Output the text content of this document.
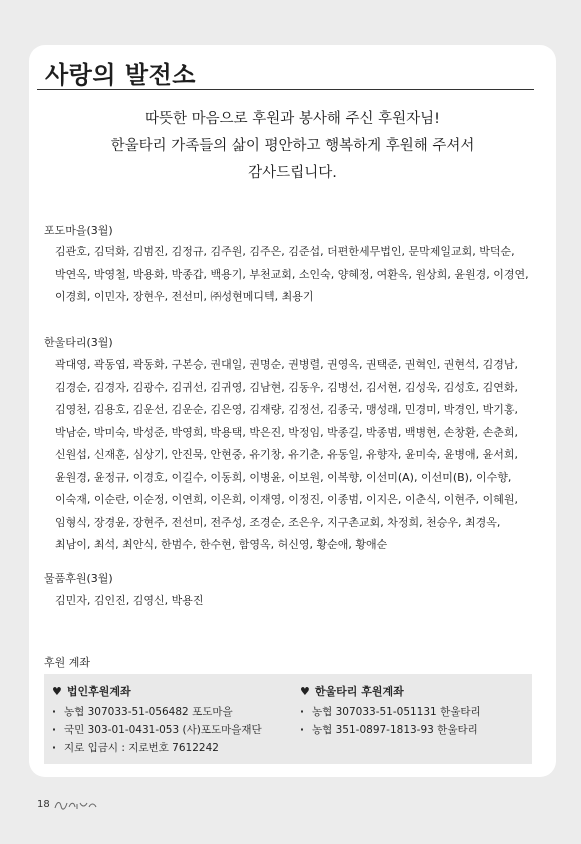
사랑의 발전소
따뜻한 마음으로 후원과 봉사해 주신 후원자님!
한울타리 가족들의 삶이 평안하고 행복하게 후원해 주셔서
감사드립니다.
포도마을(3월)
김관호, 김덕화, 김범진, 김정규, 김주원, 김주은, 김준섭, 더편한세무법인, 문막제일교회, 박덕순,
박연옥, 박영철, 박용화, 박종갑, 백용기, 부천교회, 소인숙, 양혜정, 여환옥, 원상희, 윤원경, 이경연,
이경희, 이민자, 장현우, 전선미, ㈜성현메디텍, 최용기
한울타리(3월)
곽대영, 곽동엽, 곽동화, 구본승, 권대일, 권명순, 권병렬, 권영옥, 권택준, 권혁인, 권현석, 김경남,
김경순, 김경자, 김광수, 김귀선, 김귀영, 김남현, 김동우, 김병선, 김서현, 김성욱, 김성호, 김연화,
김영천, 김용호, 김운선, 김운순, 김은영, 김재량, 김정선, 김종국, 맹성래, 민경미, 박경인, 박기홍,
박남순, 박미숙, 박성준, 박영희, 박용택, 박은진, 박정임, 박종길, 박종범, 백병현, 손창환, 손춘희,
신원섭, 신재훈, 심상기, 안진묵, 안현중, 유기창, 유기춘, 유동일, 유향자, 윤미숙, 윤병애, 윤서희,
윤원경, 윤정규, 이경호, 이길수, 이동희, 이병윤, 이보원, 이복향, 이선미(A), 이선미(B), 이수향,
이숙재, 이순란, 이순정, 이연희, 이은희, 이재영, 이정진, 이종범, 이지은, 이춘식, 이현주, 이혜원,
임형식, 장경윤, 장현주, 전선미, 전주성, 조경순, 조은우, 지구촌교회, 차정희, 천승우, 최경옥,
최남이, 최석, 최안식, 한범수, 한수현, 함영옥, 허신영, 황순애, 황애순
물품후원(3월)
김민자, 김인진, 김영신, 박용진
후원 계좌
♥ 법인후원계좌
· 농협 307033-51-056482 포도마을
· 국민 303-01-0431-053 (사)포도마을재단
· 지로 입금시 : 지로번호 7612242
♥ 한울타리 후원계좌
· 농협 307033-51-051131 한울타리
· 농협 351-0897-1813-93 한울타리
18
